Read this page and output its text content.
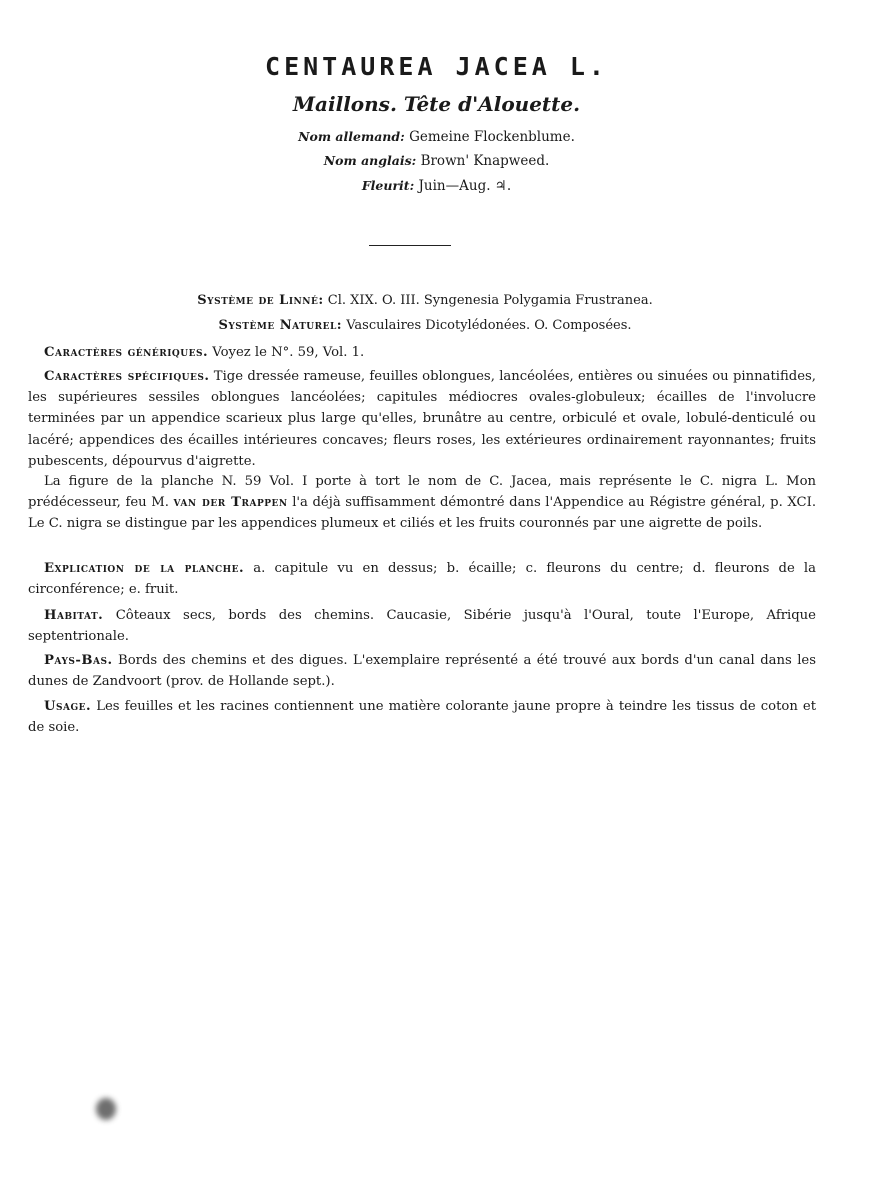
CENTAUREA JACEA L.
Maillons. Tête d'Alouette.
Nom allemand: Gemeine Flockenblume.
Nom anglais: Brown' Knapweed.
Fleurit: Juin—Aug. ♃.
Système de Linné: Cl. XIX. O. III. Syngenesia Polygamia Frustranea.
Système Naturel: Vasculaires Dicotylédonées. O. Composées.
Caractères génériques. Voyez le N°. 59, Vol. 1.
Caractères spécifiques. Tige dressée rameuse, feuilles oblongues, lancéolées, entières ou sinuées ou pinnatifides, les supérieures sessiles oblongues lancéolées; capitules médiocres ovales-globuleux; écailles de l'involucre terminées par un appendice scarieux plus large qu'elles, brunâtre au centre, orbiculé et ovale, lobulé-denticulé ou lacéré; appendices des écailles intérieures concaves; fleurs roses, les extérieures ordinairement rayonnantes; fruits pubescents, dépourvus d'aigrette.
La figure de la planche N. 59 Vol. I porte à tort le nom de C. Jacea, mais représente le C. nigra L. Mon prédécesseur, feu M. van der Trappen l'a déjà suffisamment démontré dans l'Appendice au Régistre général, p. XCI. Le C. nigra se distingue par les appendices plumeux et ciliés et les fruits couronnés par une aigrette de poils.
Explication de la planche. a. capitule vu en dessus; b. écaille; c. fleurons du centre; d. fleurons de la circonférence; e. fruit.
Habitat. Côteaux secs, bords des chemins. Caucasie, Sibérie jusqu'à l'Oural, toute l'Europe, Afrique septentrionale.
Pays-Bas. Bords des chemins et des digues. L'exemplaire représenté a été trouvé aux bords d'un canal dans les dunes de Zandvoort (prov. de Hollande sept.).
Usage. Les feuilles et les racines contiennent une matière colorante jaune propre à teindre les tissus de coton et de soie.
